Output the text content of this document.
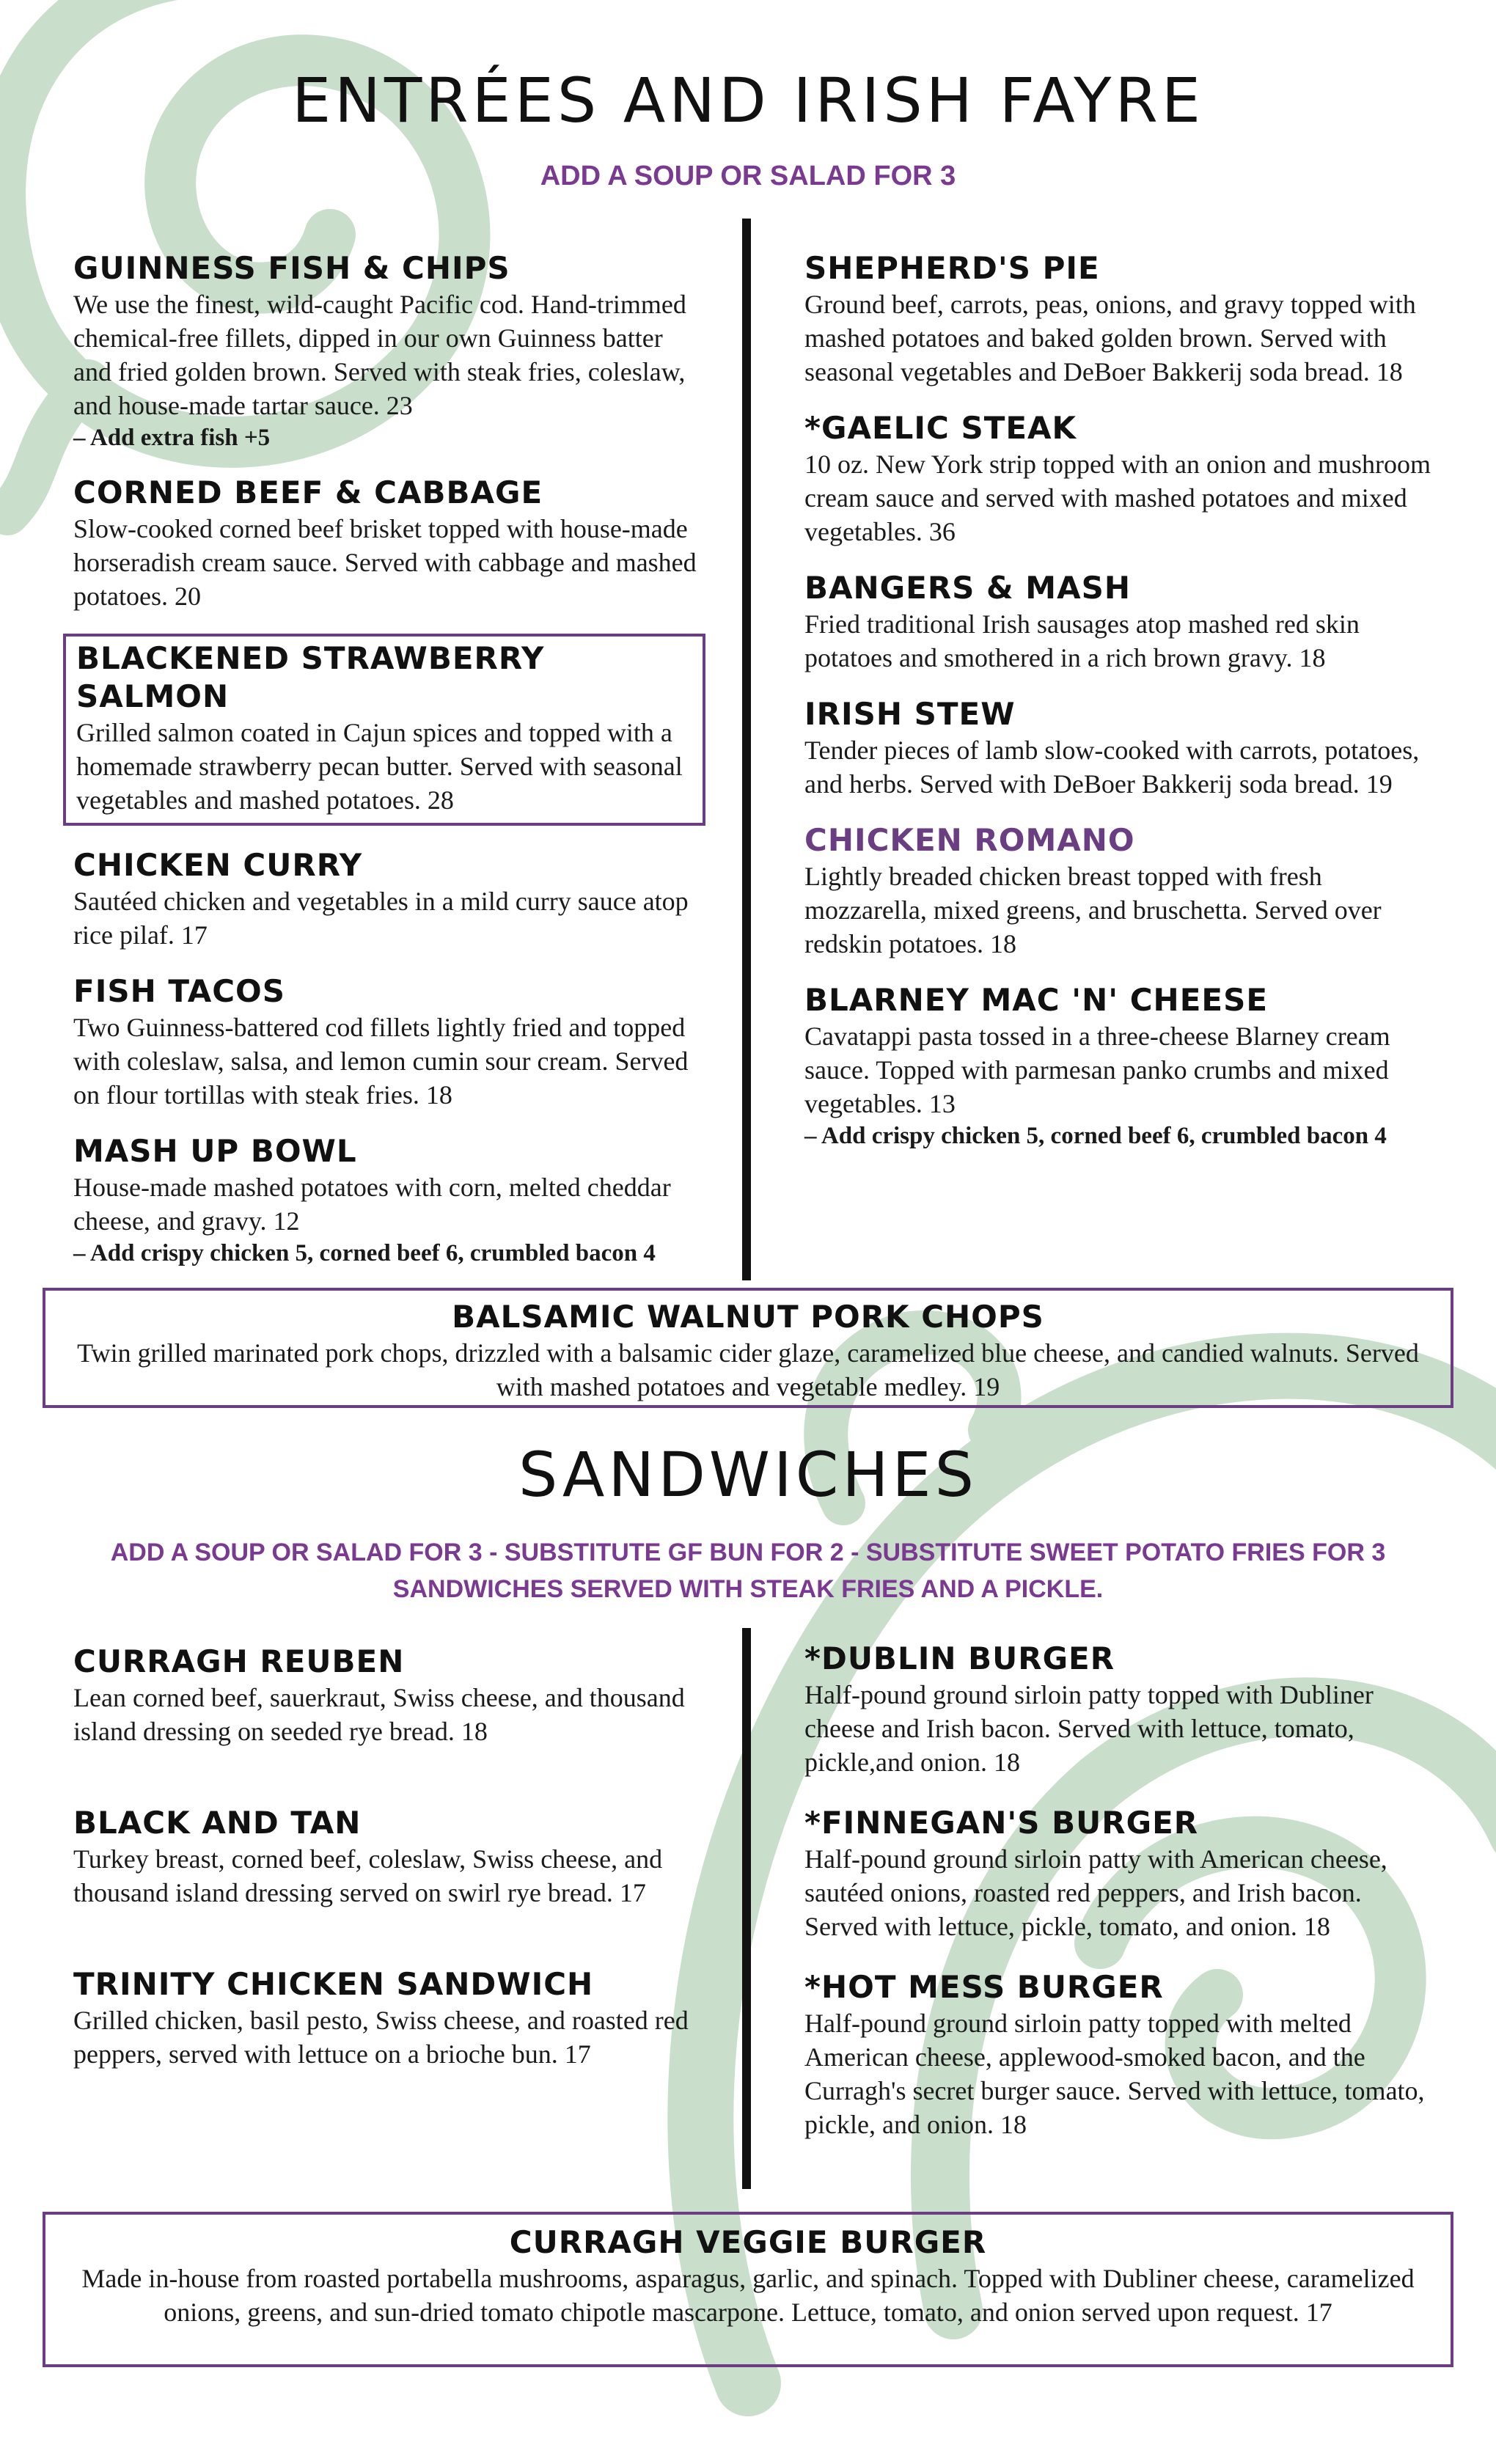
ENTRÉES AND IRISH FAYRE

ADD A SOUP OR SALAD FOR 3

GUINNESS FISH & CHIPS
We use the finest, wild-caught Pacific cod. Hand-trimmed chemical-free fillets, dipped in our own Guinness batter and fried golden brown. Served with steak fries, coleslaw, and house-made tartar sauce. 23
– Add extra fish +5
CORNED BEEF & CABBAGE
Slow-cooked corned beef brisket topped with house-made horseradish cream sauce. Served with cabbage and mashed potatoes. 20
BLACKENED STRAWBERRY SALMON
Grilled salmon coated in Cajun spices and topped with a homemade strawberry pecan butter. Served with seasonal vegetables and mashed potatoes. 28
CHICKEN CURRY
Sautéed chicken and vegetables in a mild curry sauce atop rice pilaf. 17
FISH TACOS
Two Guinness-battered cod fillets lightly fried and topped with coleslaw, salsa, and lemon cumin sour cream. Served on flour tortillas with steak fries. 18
MASH UP BOWL
House-made mashed potatoes with corn, melted cheddar cheese, and gravy. 12
– Add crispy chicken 5, corned beef 6, crumbled bacon 4
SHEPHERD'S PIE
Ground beef, carrots, peas, onions, and gravy topped with mashed potatoes and baked golden brown. Served with seasonal vegetables and DeBoer Bakkerij soda bread. 18
*GAELIC STEAK
10 oz. New York strip topped with an onion and mushroom cream sauce and served with mashed potatoes and mixed vegetables. 36
BANGERS & MASH
Fried traditional Irish sausages atop mashed red skin potatoes and smothered in a rich brown gravy. 18
IRISH STEW
Tender pieces of lamb slow-cooked with carrots, potatoes, and herbs. Served with DeBoer Bakkerij soda bread. 19
CHICKEN ROMANO
Lightly breaded chicken breast topped with fresh mozzarella, mixed greens, and bruschetta. Served over redskin potatoes. 18
BLARNEY MAC 'N' CHEESE
Cavatappi pasta tossed in a three-cheese Blarney cream sauce. Topped with parmesan panko crumbs and mixed vegetables. 13
– Add crispy chicken 5, corned beef 6, crumbled bacon 4
BALSAMIC WALNUT PORK CHOPS
Twin grilled marinated pork chops, drizzled with a balsamic cider glaze, caramelized blue cheese, and candied walnuts. Served with mashed potatoes and vegetable medley. 19
SANDWICHES

ADD A SOUP OR SALAD FOR 3 - SUBSTITUTE GF BUN FOR 2 - SUBSTITUTE SWEET POTATO FRIES FOR 3

SANDWICHES SERVED WITH STEAK FRIES AND A PICKLE.

CURRAGH REUBEN
Lean corned beef, sauerkraut, Swiss cheese, and thousand island dressing on seeded rye bread. 18
BLACK AND TAN
Turkey breast, corned beef, coleslaw, Swiss cheese, and thousand island dressing served on swirl rye bread. 17
TRINITY CHICKEN SANDWICH
Grilled chicken, basil pesto, Swiss cheese, and roasted red peppers, served with lettuce on a brioche bun. 17
*DUBLIN BURGER
Half-pound ground sirloin patty topped with Dubliner cheese and Irish bacon. Served with lettuce, tomato, pickle,and onion. 18
*FINNEGAN'S BURGER
Half-pound ground sirloin patty with American cheese, sautéed onions, roasted red peppers, and Irish bacon. Served with lettuce, pickle, tomato, and onion. 18
*HOT MESS BURGER
Half-pound ground sirloin patty topped with melted American cheese, applewood-smoked bacon, and the Curragh's secret burger sauce. Served with lettuce, tomato, pickle, and onion. 18
CURRAGH VEGGIE BURGER
Made in-house from roasted portabella mushrooms, asparagus, garlic, and spinach. Topped with Dubliner cheese, caramelized onions, greens, and sun-dried tomato chipotle mascarpone. Lettuce, tomato, and onion served upon request. 17
